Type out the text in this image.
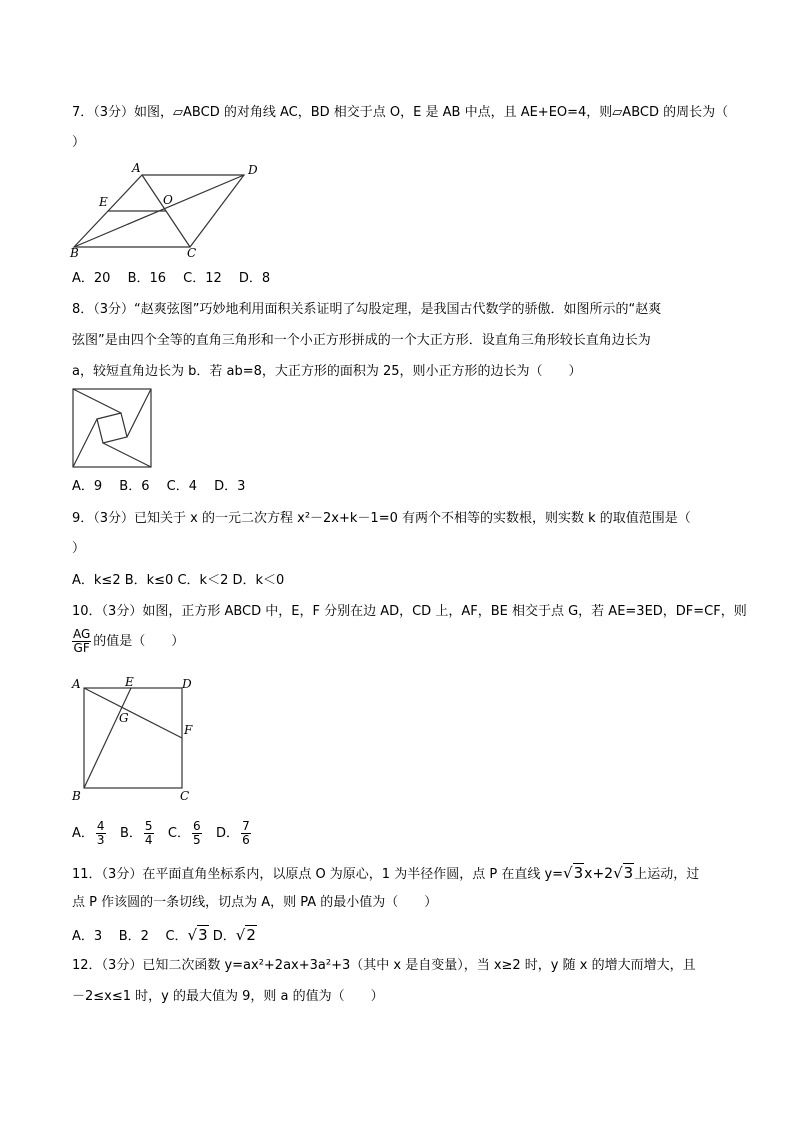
7．（3分）如图，▱ABCD 的对角线 AC，BD 相交于点 O，E 是 AB 中点，且 AE+EO=4，则▱ABCD 的周长为（
）
A	D
E	O
B	C
A．20　 B．16　 C．12　 D．8
8．（3分）“赵爽弦图”巧妙地利用面积关系证明了勾股定理，是我国古代数学的骄傲．如图所示的“赵爽
弦图”是由四个全等的直角三角形和一个小正方形拼成的一个大正方形．设直角三角形较长直角边长为
a，较短直角边长为 b．若 ab=8，大正方形的面积为 25，则小正方形的边长为（　　）
A．9　 B．6　 C．4　 D．3
9．（3分）已知关于 x 的一元二次方程 x²－2x+k－1=0 有两个不相等的实数根，则实数 k 的取值范围是（
）
A．k≤2 B．k≤0 C．k＜2 D．k＜0
10．（3分）如图，正方形 ABCD 中，E，F 分别在边 AD，CD 上，AF，BE 相交于点 G，若 AE=3ED，DF=CF，则
$\frac{AG}{GF}$ 的值是（　　）
A	E	D
G
F
B	C
A． $\frac{4}{3}$ B． $\frac{5}{4}$ C． $\frac{6}{5}$ D． $\frac{7}{6}$
11．（3分）在平面直角坐标系内，以原点 O 为原心，1 为半径作圆，点 P 在直线 y=√3x+2√3上运动，过
点 P 作该圆的一条切线，切点为 A，则 PA 的最小值为（　　）
A．3 B．2 C．√3 D．√2
12．（3分）已知二次函数 y=ax²+2ax+3a²+3（其中 x 是自变量），当 x≥2 时，y 随 x 的增大而增大，且
－2≤x≤1 时，y 的最大值为 9，则 a 的值为（　　）
